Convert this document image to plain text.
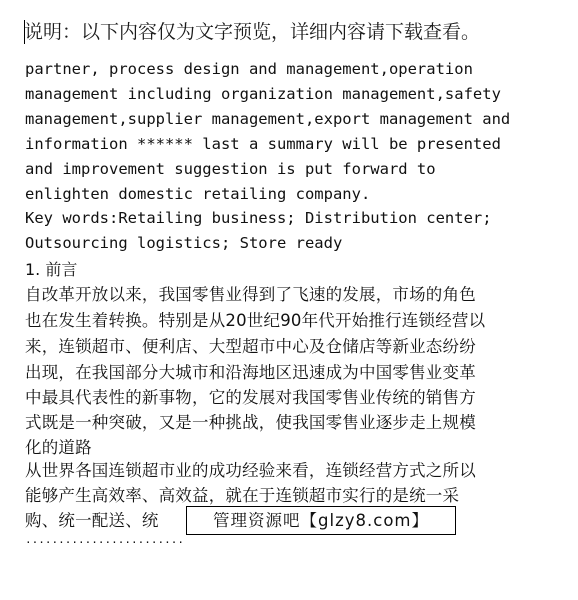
说明：以下内容仅为文字预览，详细内容请下载查看。
partner, process design and management,operation
management including organization management,safety
management,supplier management,export management and
information ****** last a summary will be presented
and improvement suggestion is put forward to
enlighten domestic retailing company.
Key words:Retailing business; Distribution center;
Outsourcing logistics; Store ready
1. 前言
自改革开放以来，我国零售业得到了飞速的发展，市场的角色
也在发生着转换。特别是从20世纪90年代开始推行连锁经营以
来，连锁超市、便利店、大型超市中心及仓储店等新业态纷纷
出现，在我国部分大城市和沿海地区迅速成为中国零售业变革
中最具代表性的新事物，它的发展对我国零售业传统的销售方
式既是一种突破，又是一种挑战，使我国零售业逐步走上规模
化的道路
从世界各国连锁超市业的成功经验来看，连锁经营方式之所以
能够产生高效率、高效益，就在于连锁超市实行的是统一采
购、统一配送、统	管理资源吧【glzy8.com】
........................
